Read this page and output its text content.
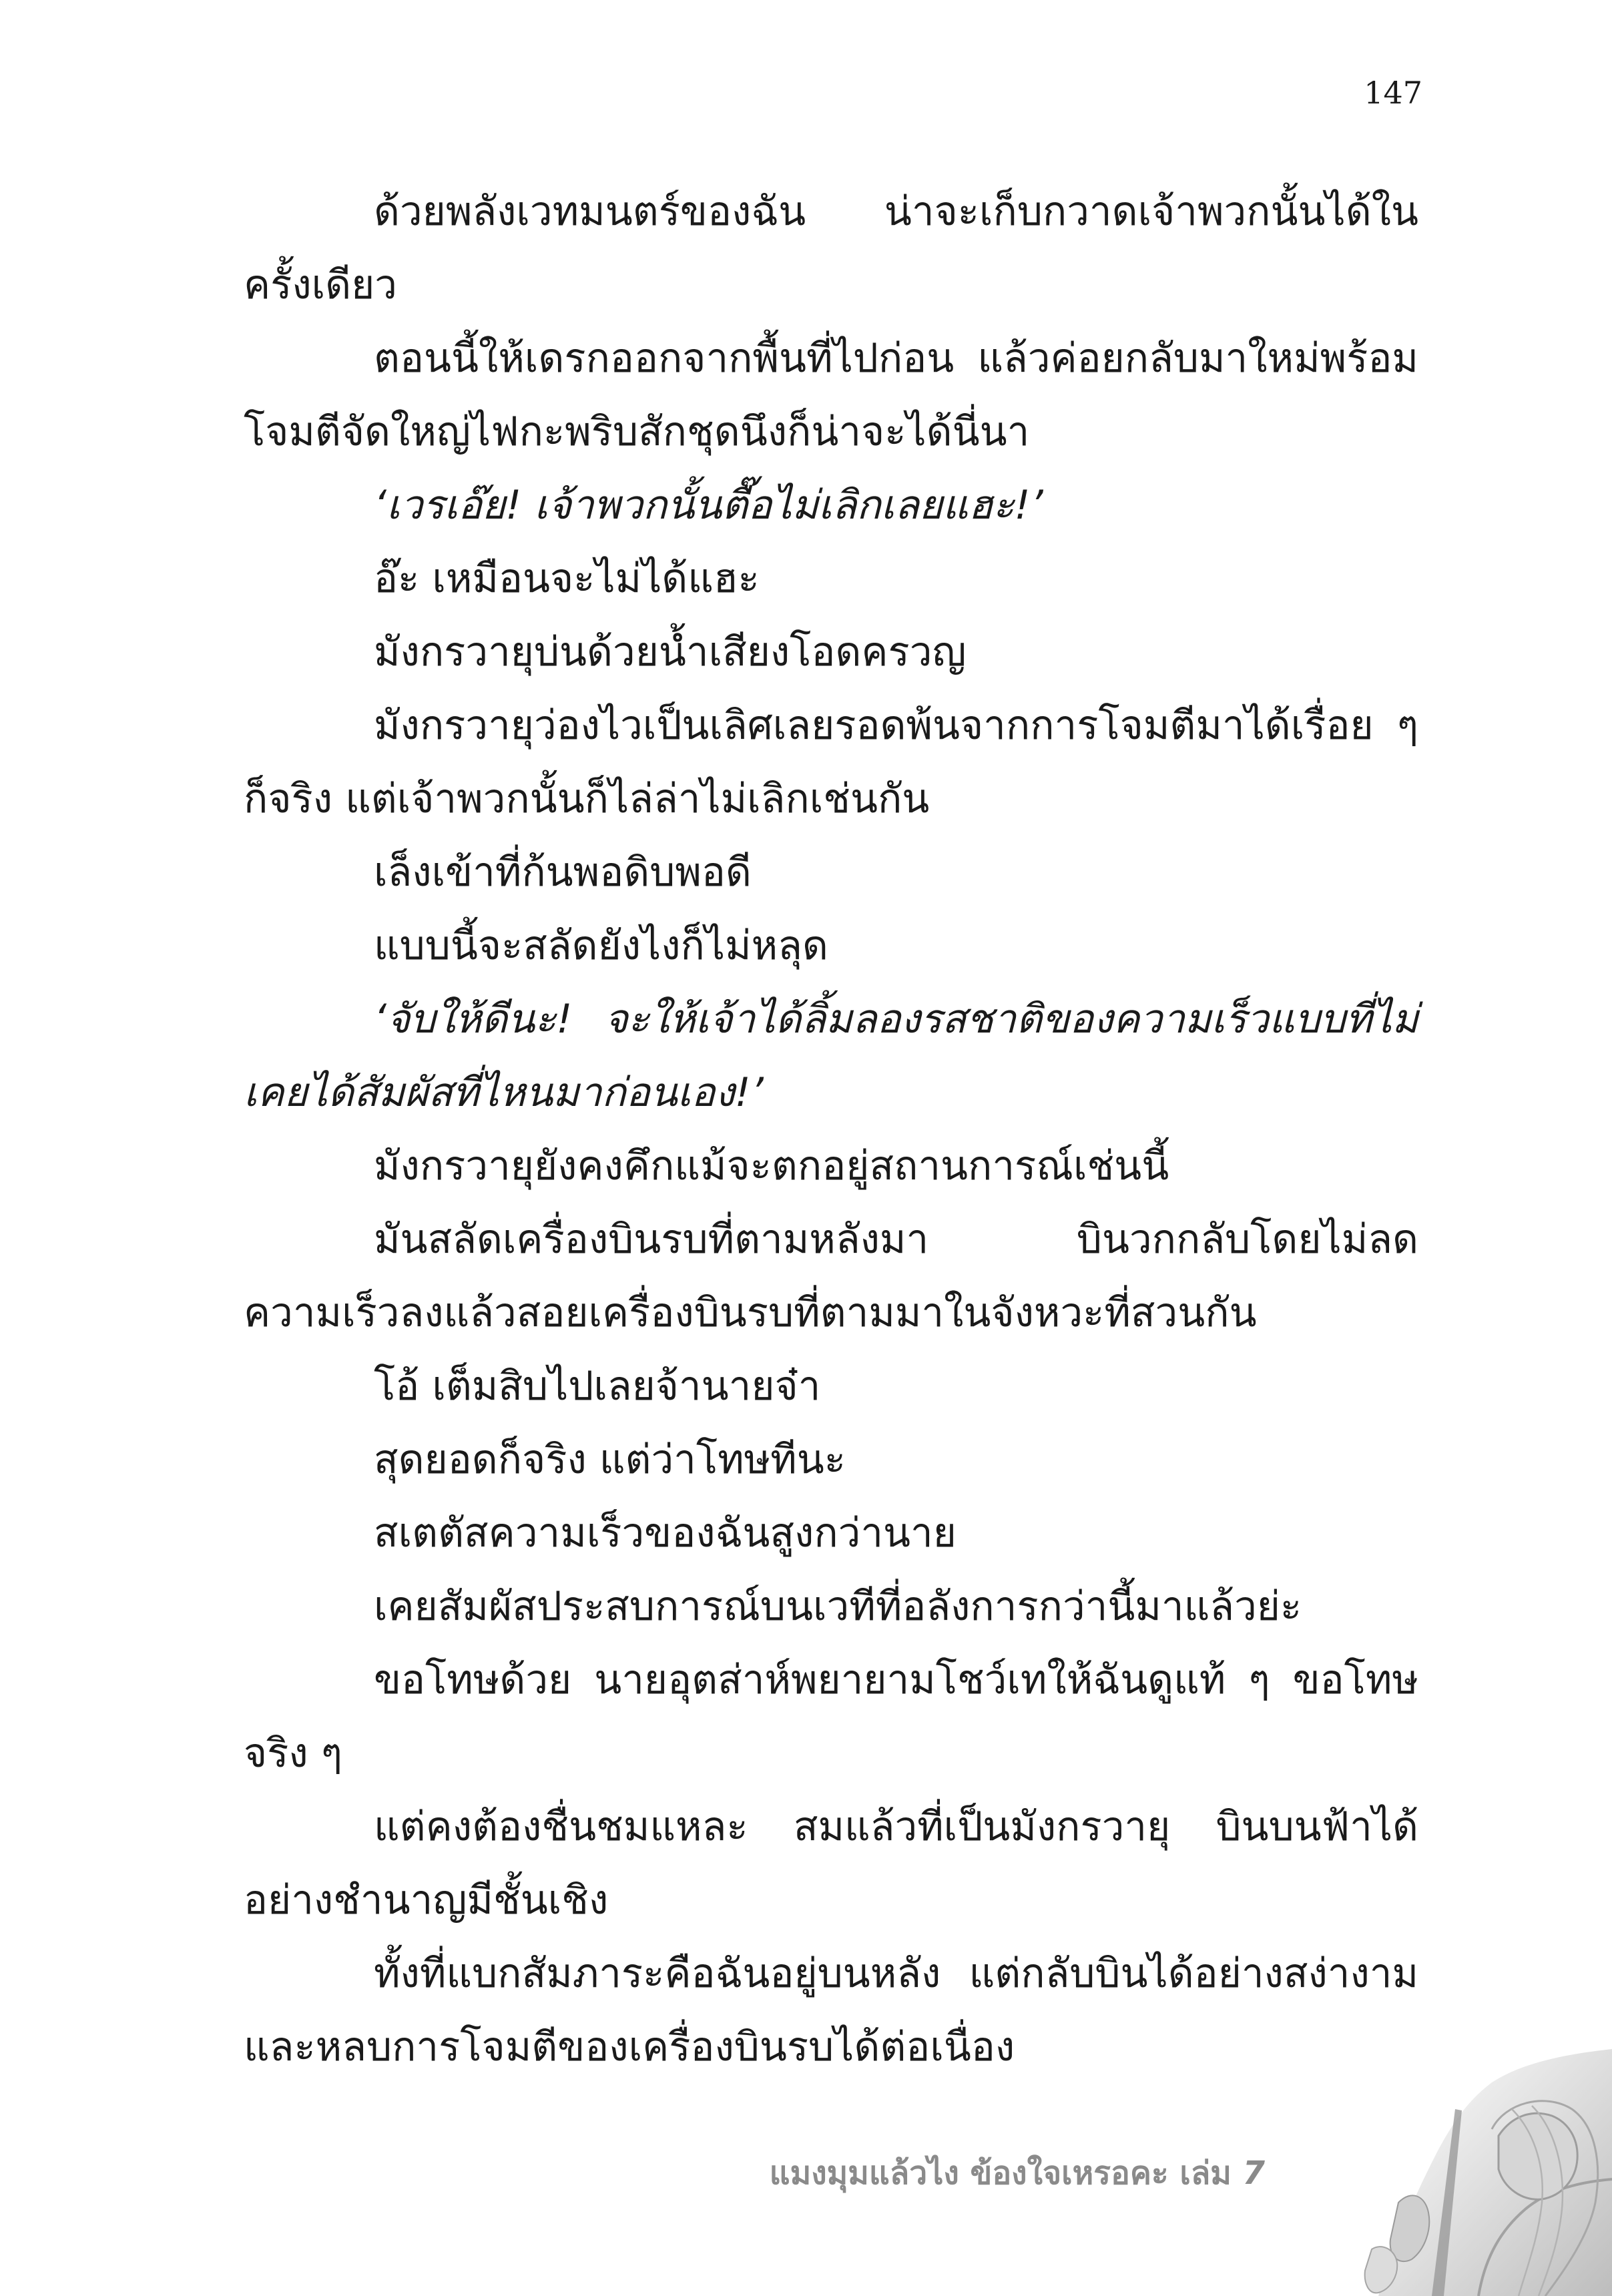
147

ด้วยพลังเวทมนตร์ของฉัน น่าจะเก็บกวาดเจ้าพวกนั้นได้ในครั้งเดียว

ตอนนี้ให้เดรกออกจากพื้นที่ไปก่อน แล้วค่อยกลับมาใหม่พร้อมโจมตีจัดใหญ่ไฟกะพริบสักชุดนึงก็น่าจะได้นี่นา

‘เวรเอ๊ย! เจ้าพวกนั้นตื๊อไม่เลิกเลยแฮะ!’

อ๊ะ เหมือนจะไม่ได้แฮะ

มังกรวายุบ่นด้วยน้ำเสียงโอดครวญ

มังกรวายุว่องไวเป็นเลิศเลยรอดพ้นจากการโจมตีมาได้เรื่อย ๆ ก็จริง แต่เจ้าพวกนั้นก็ไล่ล่าไม่เลิกเช่นกัน

เล็งเข้าที่ก้นพอดิบพอดี

แบบนี้จะสลัดยังไงก็ไม่หลุด

‘จับให้ดีนะ! จะให้เจ้าได้ลิ้มลองรสชาติของความเร็วแบบที่ไม่เคยได้สัมผัสที่ไหนมาก่อนเอง!’

มังกรวายุยังคงคึกแม้จะตกอยู่สถานการณ์เช่นนี้

มันสลัดเครื่องบินรบที่ตามหลังมา บินวกกลับโดยไม่ลดความเร็วลงแล้วสอยเครื่องบินรบที่ตามมาในจังหวะที่สวนกัน

โอ้ เต็มสิบไปเลยจ้านายจ๋า

สุดยอดก็จริง แต่ว่าโทษทีนะ

สเตตัสความเร็วของฉันสูงกว่านาย

เคยสัมผัสประสบการณ์บนเวทีที่อลังการกว่านี้มาแล้วย่ะ

ขอโทษด้วย นายอุตส่าห์พยายามโชว์เทให้ฉันดูแท้ ๆ ขอโทษจริง ๆ

แต่คงต้องชื่นชมแหละ สมแล้วที่เป็นมังกรวายุ บินบนฟ้าได้อย่างชำนาญมีชั้นเชิง

ทั้งที่แบกสัมภาระคือฉันอยู่บนหลัง แต่กลับบินได้อย่างสง่างามและหลบการโจมตีของเครื่องบินรบได้ต่อเนื่อง

แมงมุมแล้วไง ข้องใจเหรอคะ เล่ม 7
